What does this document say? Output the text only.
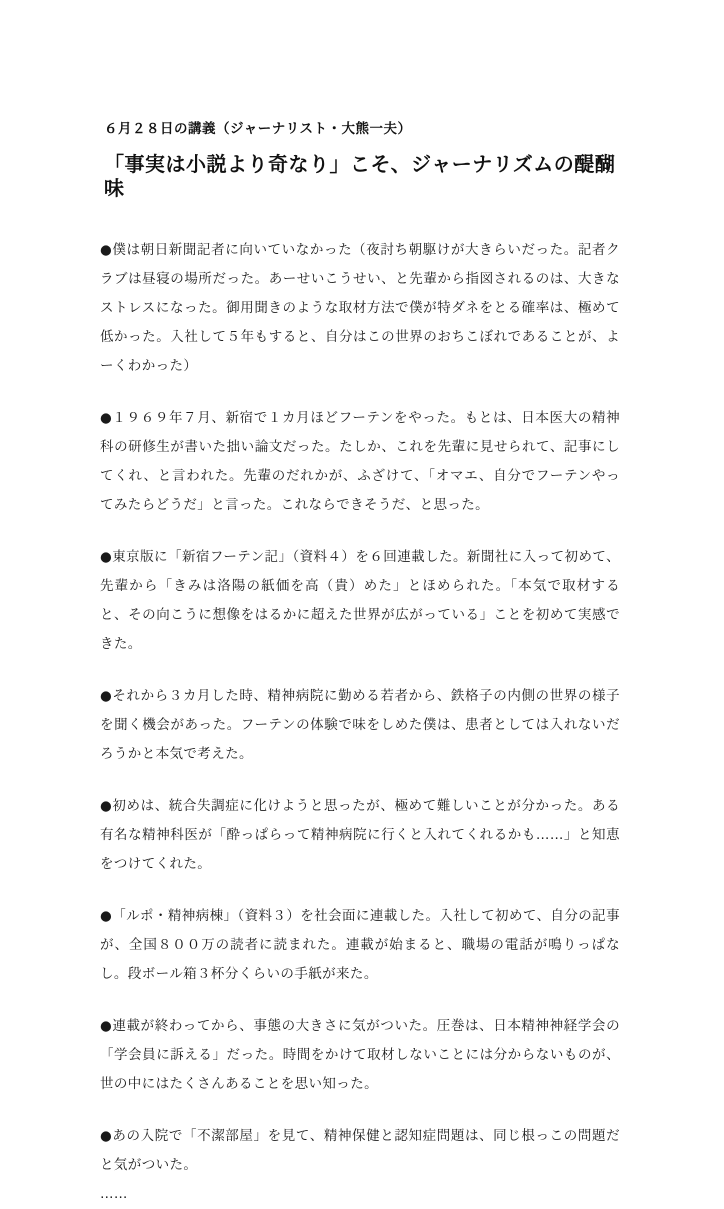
６月２８日の講義（ジャーナリスト・大熊一夫）
「事実は小説より奇なり」こそ、ジャーナリズムの醍醐味

●僕は朝日新聞記者に向いていなかった（夜討ち朝駆けが大きらいだった。記者クラブは昼寝の場所だった。あーせいこうせい、と先輩から指図されるのは、大きなストレスになった。御用聞きのような取材方法で僕が特ダネをとる確率は、極めて低かった。入社して５年もすると、自分はこの世界のおちこぼれであることが、よーくわかった）

●１９６９年７月、新宿で１カ月ほどフーテンをやった。もとは、日本医大の精神科の研修生が書いた拙い論文だった。たしか、これを先輩に見せられて、記事にしてくれ、と言われた。先輩のだれかが、ふざけて、「オマエ、自分でフーテンやってみたらどうだ」と言った。これならできそうだ、と思った。

●東京版に「新宿フーテン記」（資料４）を６回連載した。新聞社に入って初めて、先輩から「きみは洛陽の紙価を高（貴）めた」とほめられた。「本気で取材すると、その向こうに想像をはるかに超えた世界が広がっている」ことを初めて実感できた。

●それから３カ月した時、精神病院に勤める若者から、鉄格子の内側の世界の様子を聞く機会があった。フーテンの体験で味をしめた僕は、患者としては入れないだろうかと本気で考えた。

●初めは、統合失調症に化けようと思ったが、極めて難しいことが分かった。ある有名な精神科医が「酔っぱらって精神病院に行くと入れてくれるかも……」と知恵をつけてくれた。

●「ルポ・精神病棟」（資料３）を社会面に連載した。入社して初めて、自分の記事が、全国８００万の読者に読まれた。連載が始まると、職場の電話が鳴りっぱなし。段ボール箱３杯分くらいの手紙が来た。

●連載が終わってから、事態の大きさに気がついた。圧巻は、日本精神神経学会の「学会員に訴える」だった。時間をかけて取材しないことには分からないものが、世の中にはたくさんあることを思い知った。

●あの入院で「不潔部屋」を見て、精神保健と認知症問題は、同じ根っこの問題だと気がついた。

……
